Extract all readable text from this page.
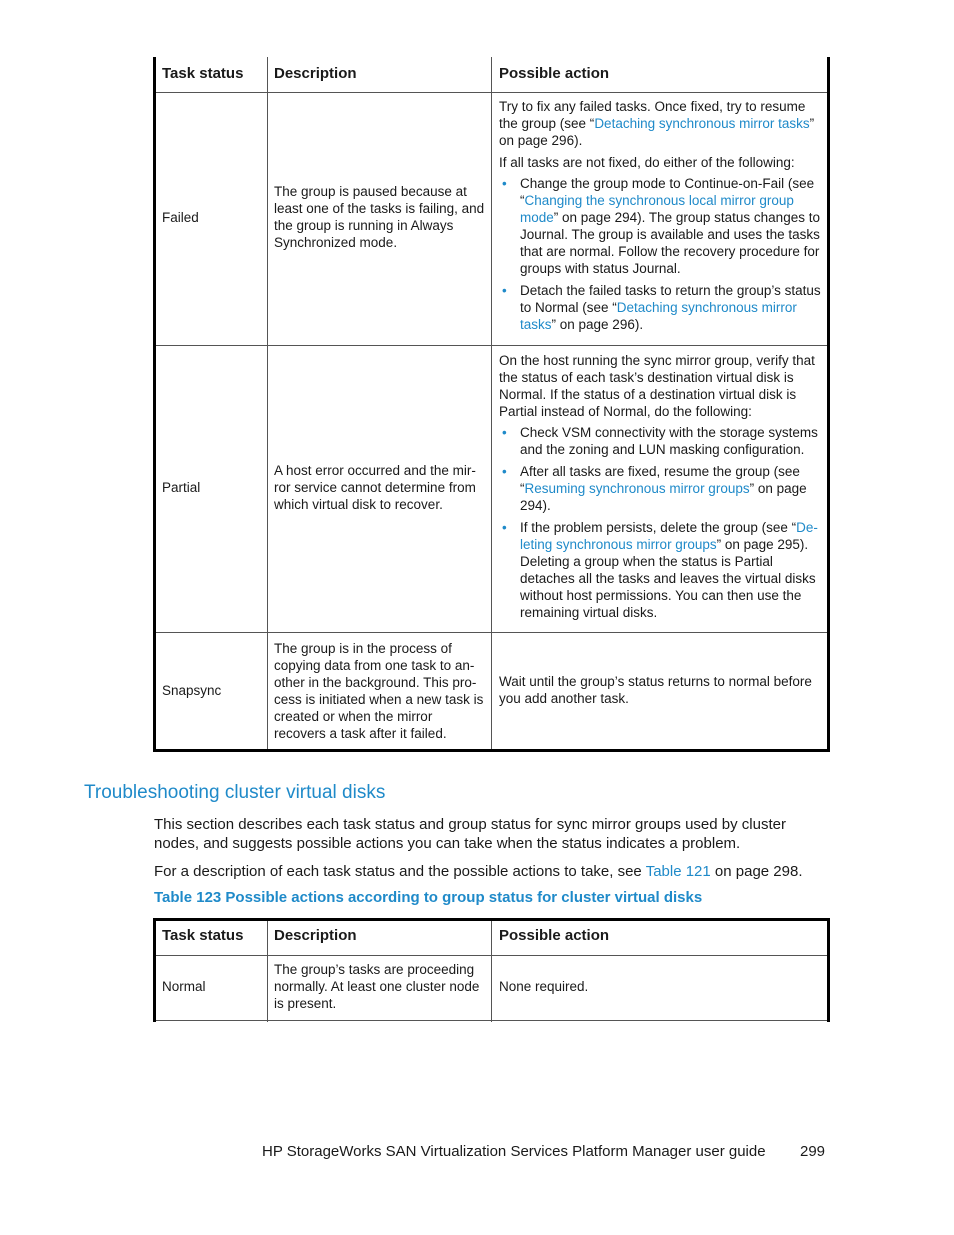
Task status Description	Possible action
Failed
The group is paused because at least one of the tasks is failing, and the group is running in Always Synchronized mode.

Try to fix any failed tasks. Once fixed, try to resume the group (see “Detaching synchronous mirror tasks” on page 296).

If all tasks are not fixed, do either of the following:

• Change the group mode to Continue-on-Fail (see “Changing the synchronous local mirror group mode” on page 294). The group status changes to Journal. The group is available and uses the tasks that are normal. Follow the recovery procedure for groups with status Journal.
• Detach the failed tasks to return the group’s status to Normal (see “Detaching synchronous mirror tasks” on page 296).
Partial
A host error occurred and the mir-ror service cannot determine from which virtual disk to recover.

On the host running the sync mirror group, verify that the status of each task’s destination virtual disk is Normal. If the status of a destination virtual disk is Partial instead of Normal, do the following:

• Check VSM connectivity with the storage systems and the zoning and LUN masking configuration.
• After all tasks are fixed, resume the group (see “Resuming synchronous mirror groups” on page 294).
• If the problem persists, delete the group (see “De-leting synchronous mirror groups” on page 295). Deleting a group when the status is Partial detaches all the tasks and leaves the virtual disks without host permissions. You can then use the remaining virtual disks.
Snapsync
The group is in the process of copying data from one task to an-other in the background. This pro-cess is initiated when a new task is created or when the mirror recovers a task after it failed.
Wait until the group’s status returns to normal before you add another task.
Troubleshooting cluster virtual disks

This section describes each task status and group status for sync mirror groups used by cluster nodes, and suggests possible actions you can take when the status indicates a problem.

For a description of each task status and the possible actions to take, see Table 121 on page 298.

Table 123 Possible actions according to group status for cluster virtual disks

Task status Description	Possible action
Normal
The group’s tasks are proceeding normally. At least one cluster node is present.
None required.
HP StorageWorks SAN Virtualization Services Platform Manager user guide 299
